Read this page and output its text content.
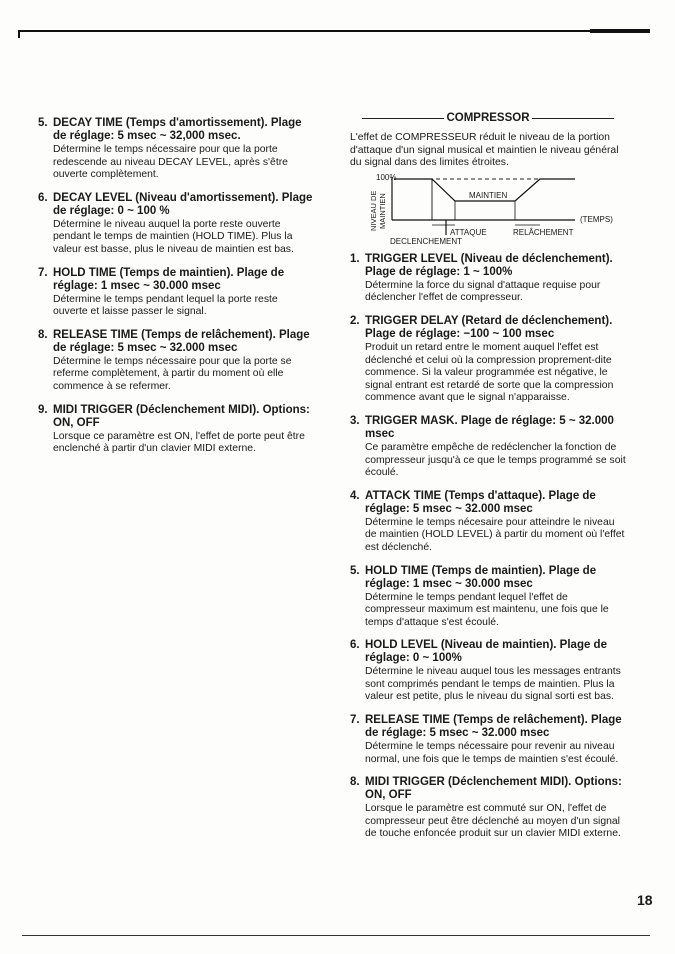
5. DECAY TIME (Temps d'amortissement). Plage de réglage: 5 msec ~ 32,000 msec.

Détermine le temps nécessaire pour que la porte redescende au niveau DECAY LEVEL, après s'être ouverte complètement.

6. DECAY LEVEL (Niveau d'amortissement). Plage de réglage: 0 ~ 100 %

Détermine le niveau auquel la porte reste ouverte pendant le temps de maintien (HOLD TIME). Plus la valeur est basse, plus le niveau de maintien est bas.

7. HOLD TIME (Temps de maintien). Plage de réglage: 1 msec ~ 30.000 msec

Détermine le temps pendant lequel la porte reste ouverte et laisse passer le signal.

8. RELEASE TIME (Temps de relâchement). Plage de réglage: 5 msec ~ 32.000 msec

Détermine le temps nécessaire pour que la porte se referme complètement, à partir du moment où elle commence à se refermer.

9. MIDI TRIGGER (Déclenchement MIDI). Options: ON, OFF

Lorsque ce paramètre est ON, l'effet de porte peut être enclenché à partir d'un clavier MIDI externe.

COMPRESSOR

L'effet de COMPRESSEUR réduit le niveau de la portion d'attaque d'un signal musical et maintien le niveau général du signal dans des limites étroites.

100%
NIVEAU DE MAINTIEN	MAINTIEN
(TEMPS)
ATTAQUE	RELÂCHEMENT
DECLENCHEMENT
1. TRIGGER LEVEL (Niveau de déclenchement). Plage de réglage: 1 ~ 100%

Détermine la force du signal d'attaque requise pour déclencher l'effet de compresseur.

2. TRIGGER DELAY (Retard de déclenchement). Plage de réglage: −100 ~ 100 msec

Produit un retard entre le moment auquel l'effet est déclenché et celui où la compression proprement-dite commence. Si la valeur programmée est négative, le signal entrant est retardé de sorte que la compression commence avant que le signal n'apparaisse.

3. TRIGGER MASK. Plage de réglage: 5 ~ 32.000 msec

Ce paramètre empêche de redéclencher la fonction de compresseur jusqu'à ce que le temps programmé se soit écoulé.

4. ATTACK TIME (Temps d'attaque). Plage de réglage: 5 msec ~ 32.000 msec

Détermine le temps nécesaire pour atteindre le niveau de maintien (HOLD LEVEL) à partir du moment où l'effet est déclenché.

5. HOLD TIME (Temps de maintien). Plage de réglage: 1 msec ~ 30.000 msec

Détermine le temps pendant lequel l'effet de compresseur maximum est maintenu, une fois que le temps d'attaque s'est écoulé.

6. HOLD LEVEL (Niveau de maintien). Plage de réglage: 0 ~ 100%

Détermine le niveau auquel tous les messages entrants sont comprimés pendant le temps de maintien. Plus la valeur est petite, plus le niveau du signal sorti est bas.

7. RELEASE TIME (Temps de relâchement). Plage de réglage: 5 msec ~ 32.000 msec

Détermine le temps nécessaire pour revenir au niveau normal, une fois que le temps de maintien s'est écoulé.

8. MIDI TRIGGER (Déclenchement MIDI). Options: ON, OFF

Lorsque le paramètre est commuté sur ON, l'effet de compresseur peut être déclenché au moyen d'un signal de touche enfoncée produit sur un clavier MIDI externe.

18
